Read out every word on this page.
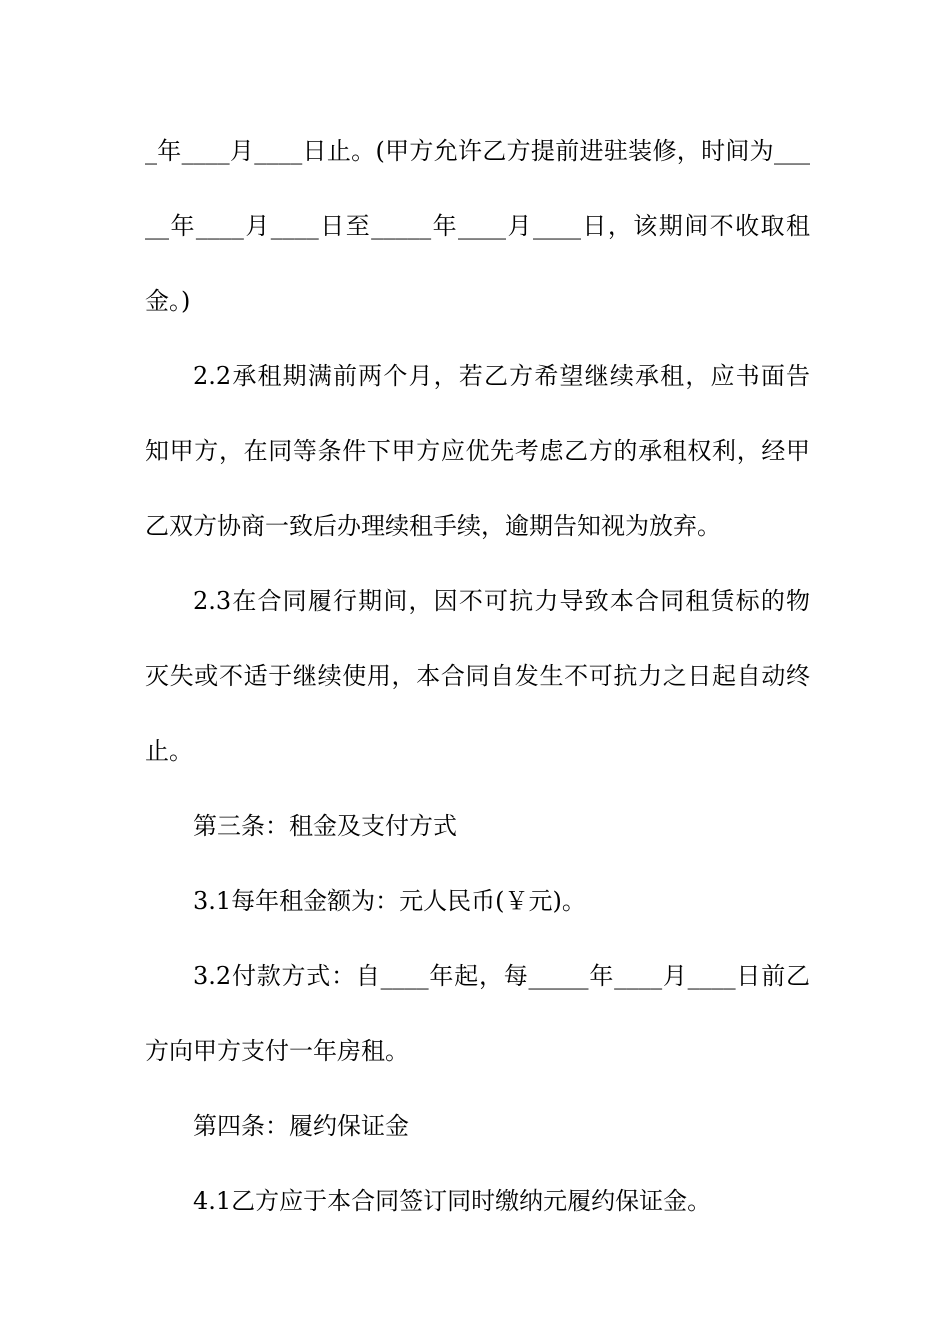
_年____月____日止。(甲方允许乙方提前进驻装修，时间为___
__年____月____日至_____年____月____日，该期间不收取租
金。)
2.2承租期满前两个月，若乙方希望继续承租，应书面告
知甲方，在同等条件下甲方应优先考虑乙方的承租权利，经甲
乙双方协商一致后办理续租手续，逾期告知视为放弃。
2.3在合同履行期间，因不可抗力导致本合同租赁标的物
灭失或不适于继续使用，本合同自发生不可抗力之日起自动终
止。
第三条：租金及支付方式
3.1每年租金额为：元人民币(￥元)。
3.2付款方式：自____年起，每_____年____月____日前乙
方向甲方支付一年房租。
第四条：履约保证金
4.1乙方应于本合同签订同时缴纳元履约保证金。
